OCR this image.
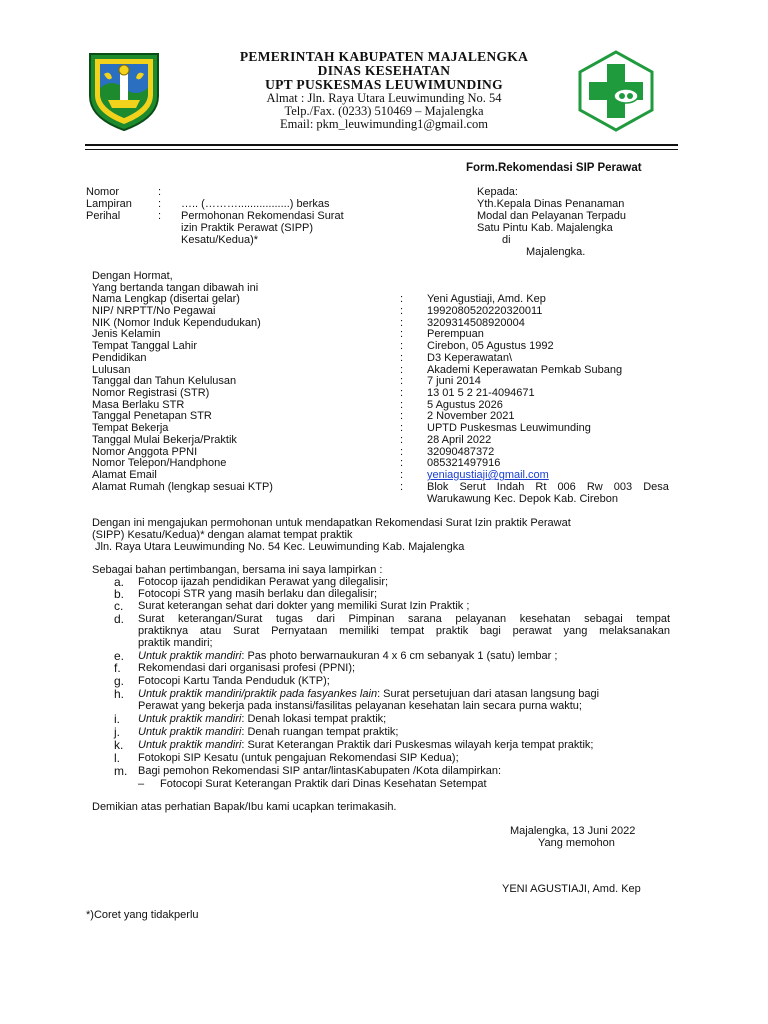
PEMERINTAH KABUPATEN MAJALENGKA
DINAS KESEHATAN
UPT PUSKESMAS LEUWIMUNDING
Almat : Jln. Raya Utara Leuwimunding No. 54
Telp./Fax. (0233) 510469 – Majalengka
Email: pkm_leuwimunding1@gmail.com
Form.Rekomendasi SIP Perawat
Nomor	:
Lampiran : ….. (……….................) berkas
Perihal	: Permohonan Rekomendasi Surat
izin Praktik Perawat (SIPP)
Kesatu/Kedua)*
Kepada:
Yth.Kepala Dinas Penanaman
Modal dan Pelayanan Terpadu
Satu Pintu Kab. Majalengka
di
Majalengka.
Dengan Hormat,
Yang bertanda tangan dibawah ini
Nama Lengkap (disertai gelar)	: Yeni Agustiaji, Amd. Kep
NIP/ NRPTT/No Pegawai	: 1992080520220320011
NIK (Nomor Induk Kependudukan)	: 3209314508920004
Jenis Kelamin	: Perempuan
Tempat Tanggal Lahir	: Cirebon, 05 Agustus 1992
Pendidikan	: D3 Keperawatan\
Lulusan	: Akademi Keperawatan Pemkab Subang
Tanggal dan Tahun Kelulusan	: 7 juni 2014
Nomor Registrasi (STR)	: 13 01 5 2 21-4094671
Masa Berlaku STR	: 5 Agustus 2026
Tanggal Penetapan STR	: 2 November 2021
Tempat Bekerja	: UPTD Puskesmas Leuwimunding
Tanggal Mulai Bekerja/Praktik	: 28 April 2022
Nomor Anggota PPNI	: 32090487372
Nomor Telepon/Handphone	: 085321497916
Alamat Email	: yeniagustiaji@gmail.com
Alamat Rumah (lengkap sesuai KTP)	: Blok Serut Indah Rt 006 Rw 003 Desa
Warukawung Kec. Depok Kab. Cirebon
Dengan ini mengajukan permohonan untuk mendapatkan Rekomendasi Surat Izin praktik Perawat
(SIPP) Kesatu/Kedua)* dengan alamat tempat praktik
Jln. Raya Utara Leuwimunding No. 54 Kec. Leuwimunding Kab. Majalengka
Sebagai bahan pertimbangan, bersama ini saya lampirkan :
a. Fotocop ijazah pendidikan Perawat yang dilegalisir;
b. Fotocopi STR yang masih berlaku dan dilegalisir;
c. Surat keterangan sehat dari dokter yang memiliki Surat Izin Praktik ;
d. Surat keterangan/Surat tugas dari Pimpinan sarana pelayanan kesehatan sebagai tempat
praktiknya atau Surat Pernyataan memiliki tempat praktik bagi perawat yang melaksanakan
praktik mandiri;
e. Untuk praktik mandiri: Pas photo berwarnaukuran 4 x 6 cm sebanyak 1 (satu) lembar ;
f. Rekomendasi dari organisasi profesi (PPNI);
g. Fotocopi Kartu Tanda Penduduk (KTP);
h. Untuk praktik mandiri/praktik pada fasyankes lain: Surat persetujuan dari atasan langsung bagi
Perawat yang bekerja pada instansi/fasilitas pelayanan kesehatan lain secara purna waktu;
i. Untuk praktik mandiri: Denah lokasi tempat praktik;
j. Untuk praktik mandiri: Denah ruangan tempat praktik;
k. Untuk praktik mandiri: Surat Keterangan Praktik dari Puskesmas wilayah kerja tempat praktik;
l. Fotokopi SIP Kesatu (untuk pengajuan Rekomendasi SIP Kedua);
m. Bagi pemohon Rekomendasi SIP antar/lintasKabupaten /Kota dilampirkan:
– Fotocopi Surat Keterangan Praktik dari Dinas Kesehatan Setempat
Demikian atas perhatian Bapak/Ibu kami ucapkan terimakasih.
Majalengka, 13 Juni 2022
Yang memohon
YENI AGUSTIAJI, Amd. Kep
*)Coret yang tidakperlu
